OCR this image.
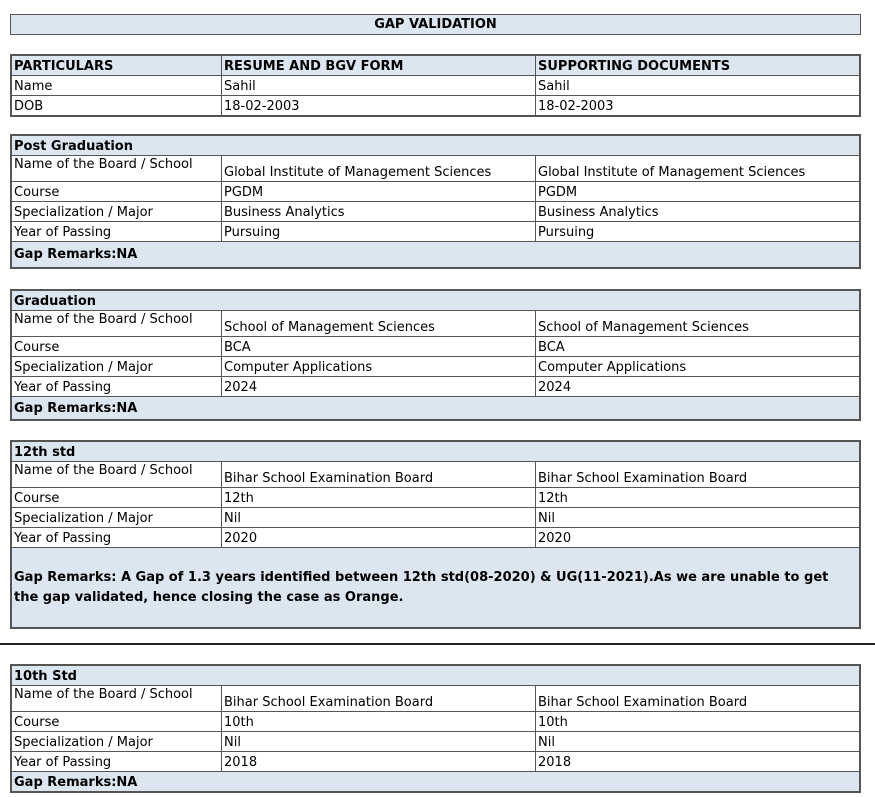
GAP VALIDATION
PARTICULARS	RESUME AND BGV FORM	SUPPORTING DOCUMENTS
Name	Sahil	Sahil
DOB	18-02-2003	18-02-2003
Post Graduation		
Name of the Board / School	Global Institute of Management Sciences	Global Institute of Management Sciences
Course	PGDM	PGDM
Specialization / Major	Business Analytics	Business Analytics
Year of Passing	Pursuing	Pursuing
Gap Remarks:NA		
Graduation		
Name of the Board / School	School of Management Sciences	School of Management Sciences
Course	BCA	BCA
Specialization / Major	Computer Applications	Computer Applications
Year of Passing	2024	2024
Gap Remarks:NA		
12th std		
Name of the Board / School	Bihar School Examination Board	Bihar School Examination Board
Course	12th	12th
Specialization / Major	Nil	Nil
Year of Passing	2020	2020
Gap Remarks: A Gap of 1.3 years identified between 12th std(08-2020) & UG(11-2021).As we are unable to get the gap validated, hence closing the case as Orange.		
10th Std		
Name of the Board / School	Bihar School Examination Board	Bihar School Examination Board
Course	10th	10th
Specialization / Major	Nil	Nil
Year of Passing	2018	2018
Gap Remarks:NA		
